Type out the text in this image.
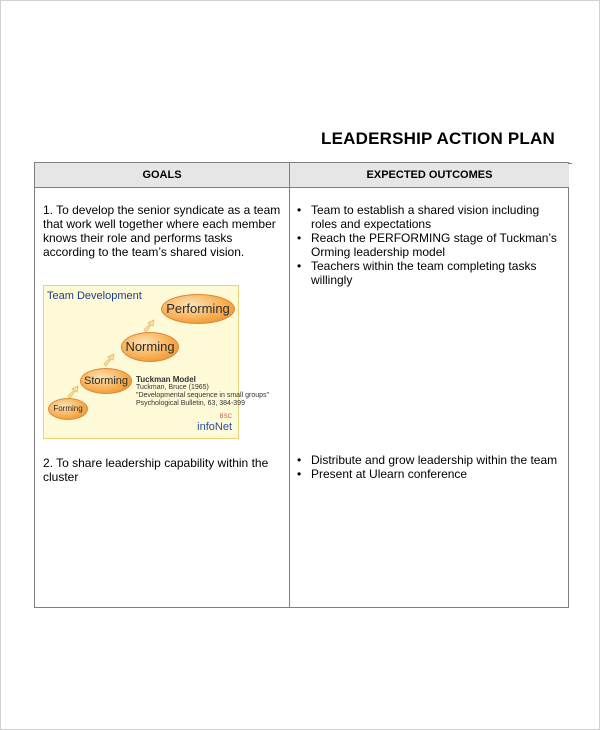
LEADERSHIP ACTION PLAN
GOALS	EXPECTED OUTCOMES
1. To develop the senior syndicate as a team that work well together where each member knows their role and performs tasks according to the team’s shared vision.
Team Development
Performing
Norming
Storming
Forming
Tuckman Model
Tuckman, Bruce (1965)
"Developmental sequence in small groups"
Psychological Bulletin, 63, 384-399
BSC
infoNet
2. To share leadership capability within the cluster

• Team to establish a shared vision including roles and expectations

• Reach the PERFORMING stage of Tuckman’s Orming leadership model

• Teachers within the team completing tasks willingly

• Distribute and grow leadership within the team

• Present at Ulearn conference
